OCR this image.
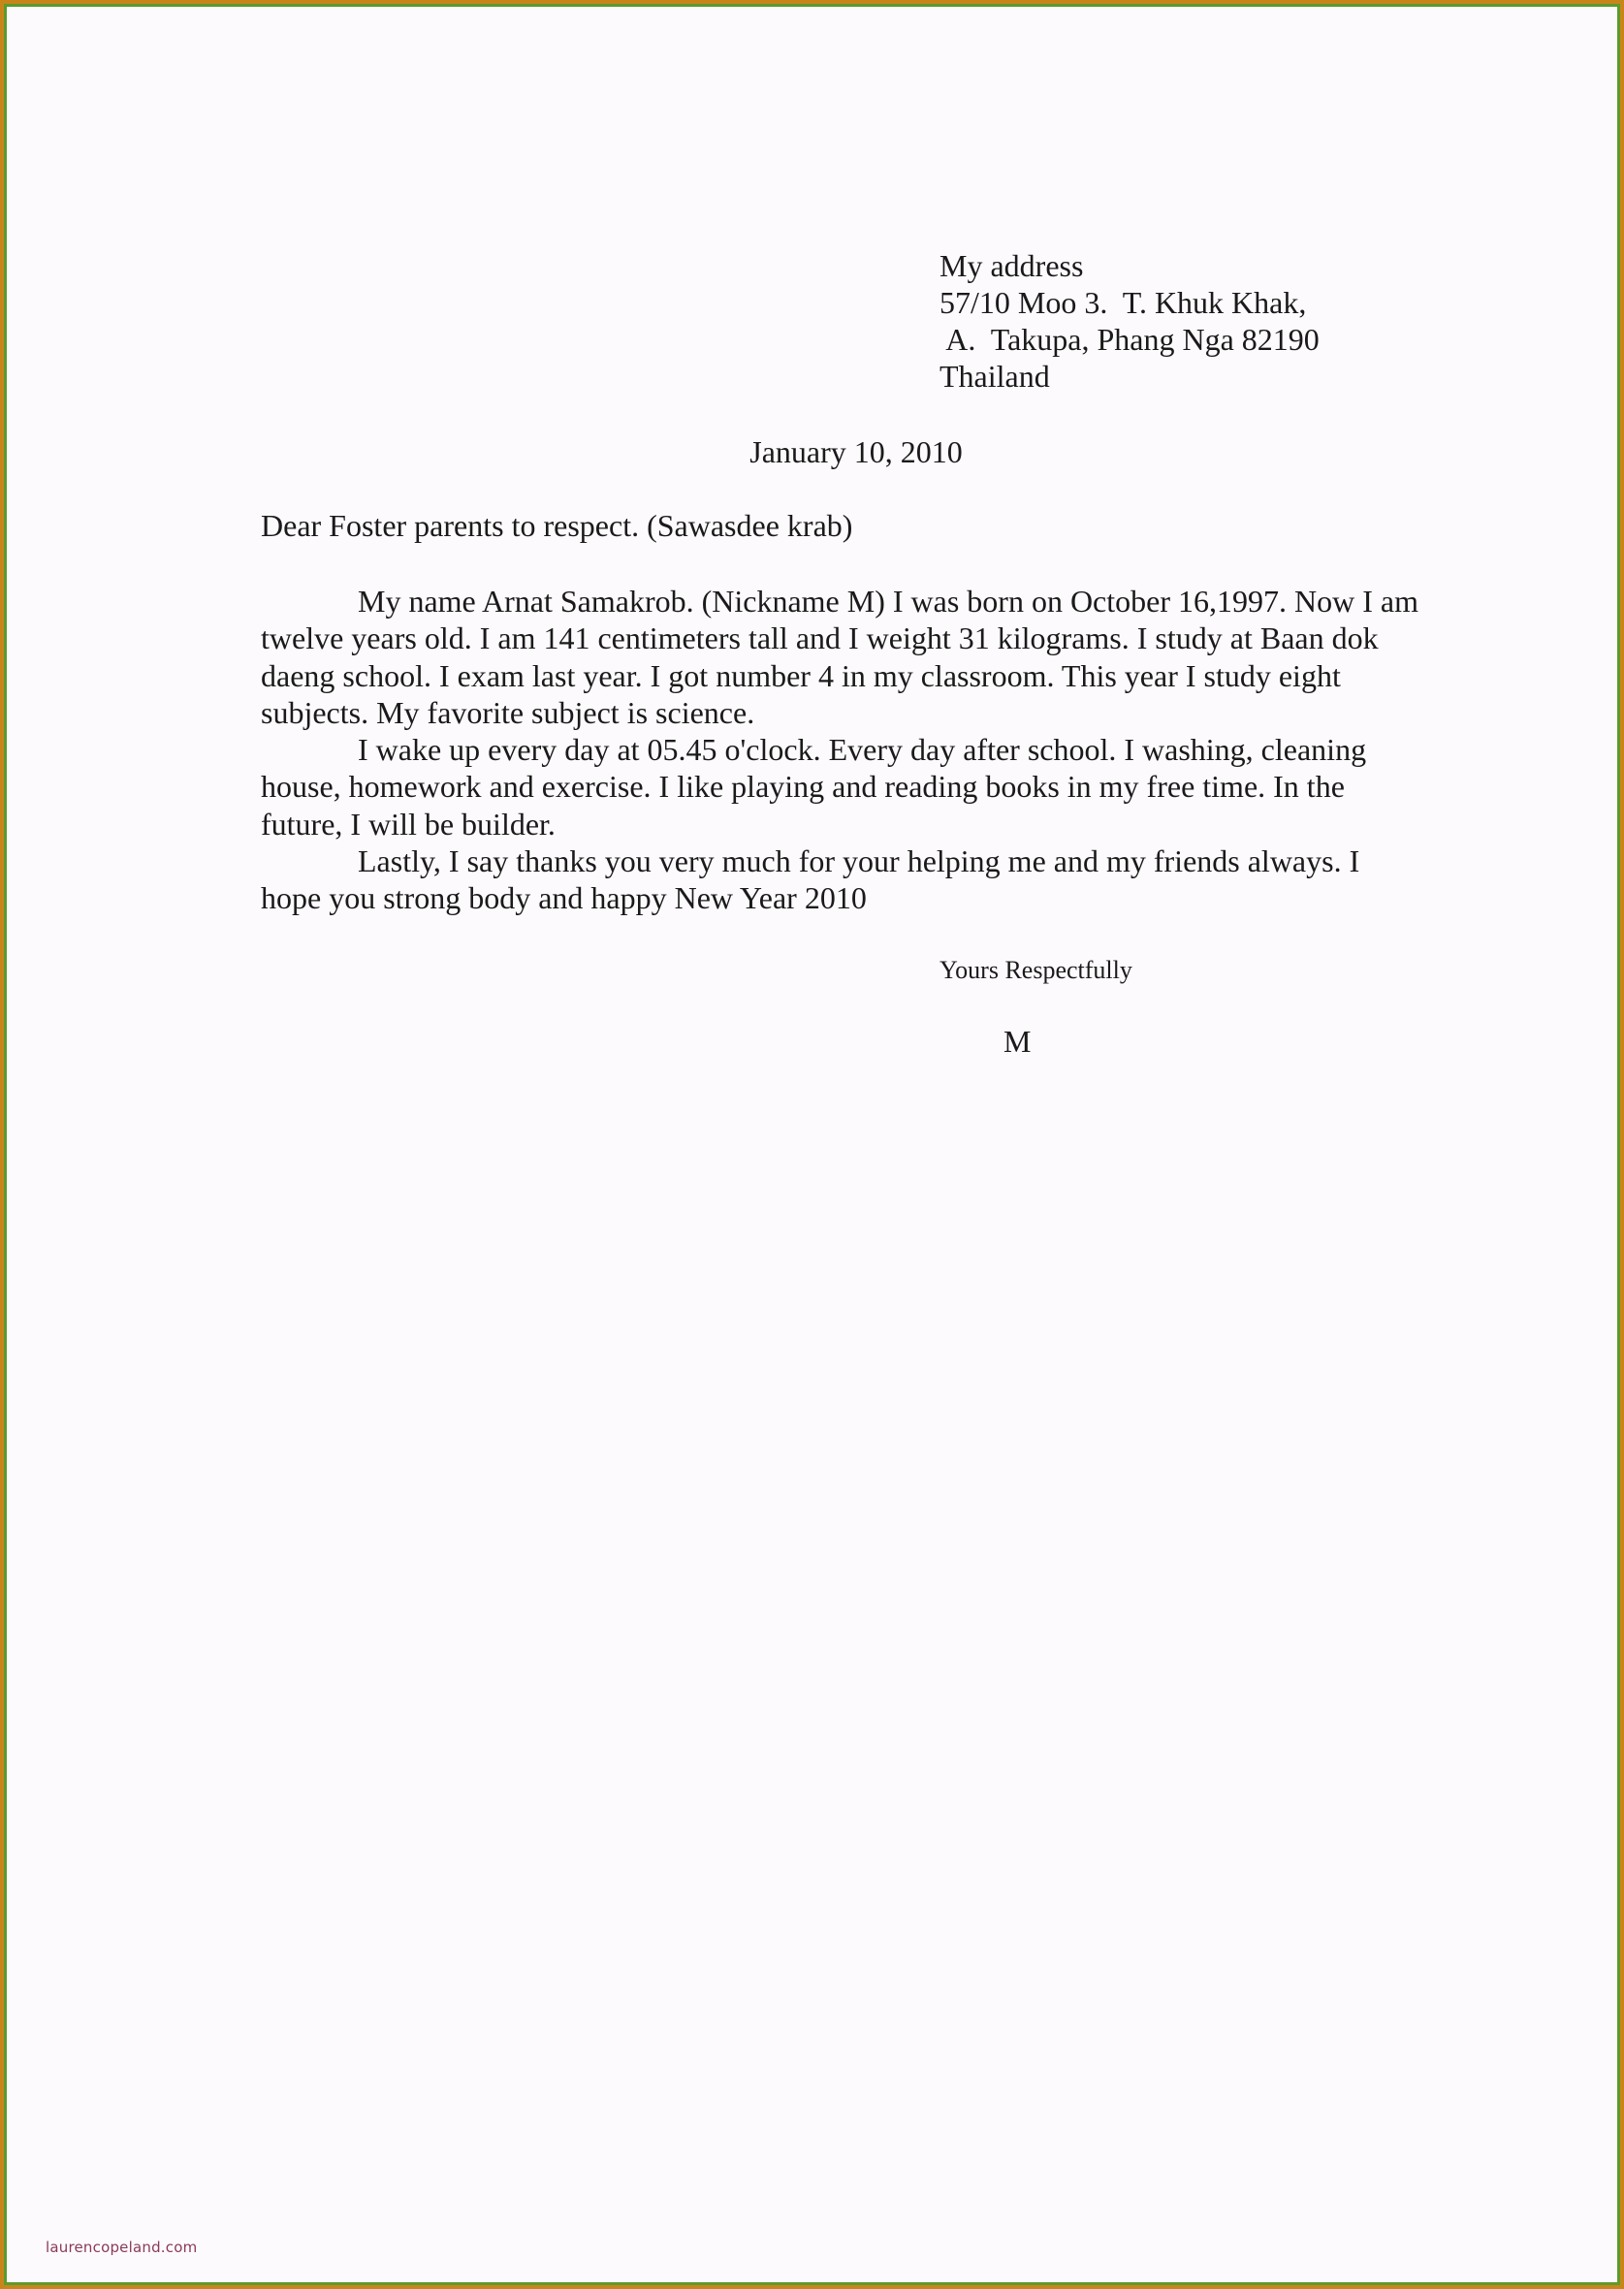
My address
57/10 Moo 3.  T. Khuk Khak,
A.  Takupa, Phang Nga 82190
Thailand
January 10, 2010
Dear Foster parents to respect. (Sawasdee krab)

My name Arnat Samakrob. (Nickname M) I was born on October 16,1997. Now I am twelve years old. I am 141 centimeters tall and I weight 31 kilograms. I study at Baan dok daeng school. I exam last year. I got number 4 in my classroom. This year I study eight subjects. My favorite subject is science.

I wake up every day at 05.45 o'clock. Every day after school. I washing, cleaning house, homework and exercise. I like playing and reading books in my free time. In the future, I will be builder.

Lastly, I say thanks you very much for your helping me and my friends always. I hope you strong body and happy New Year 2010

Yours Respectfully
M
laurencopeland.com
